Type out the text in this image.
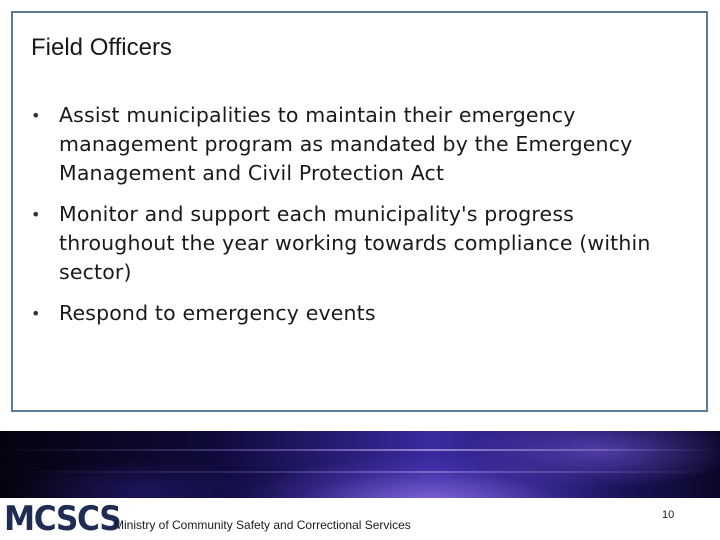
Field Officers
• Assist municipalities to maintain their emergency management program as mandated by the Emergency Management and Civil Protection Act
• Monitor and support each municipality's progress throughout the year working towards compliance (within sector)
• Respond to emergency events
MCSCS
Ministry of Community Safety and Correctional Services
10
